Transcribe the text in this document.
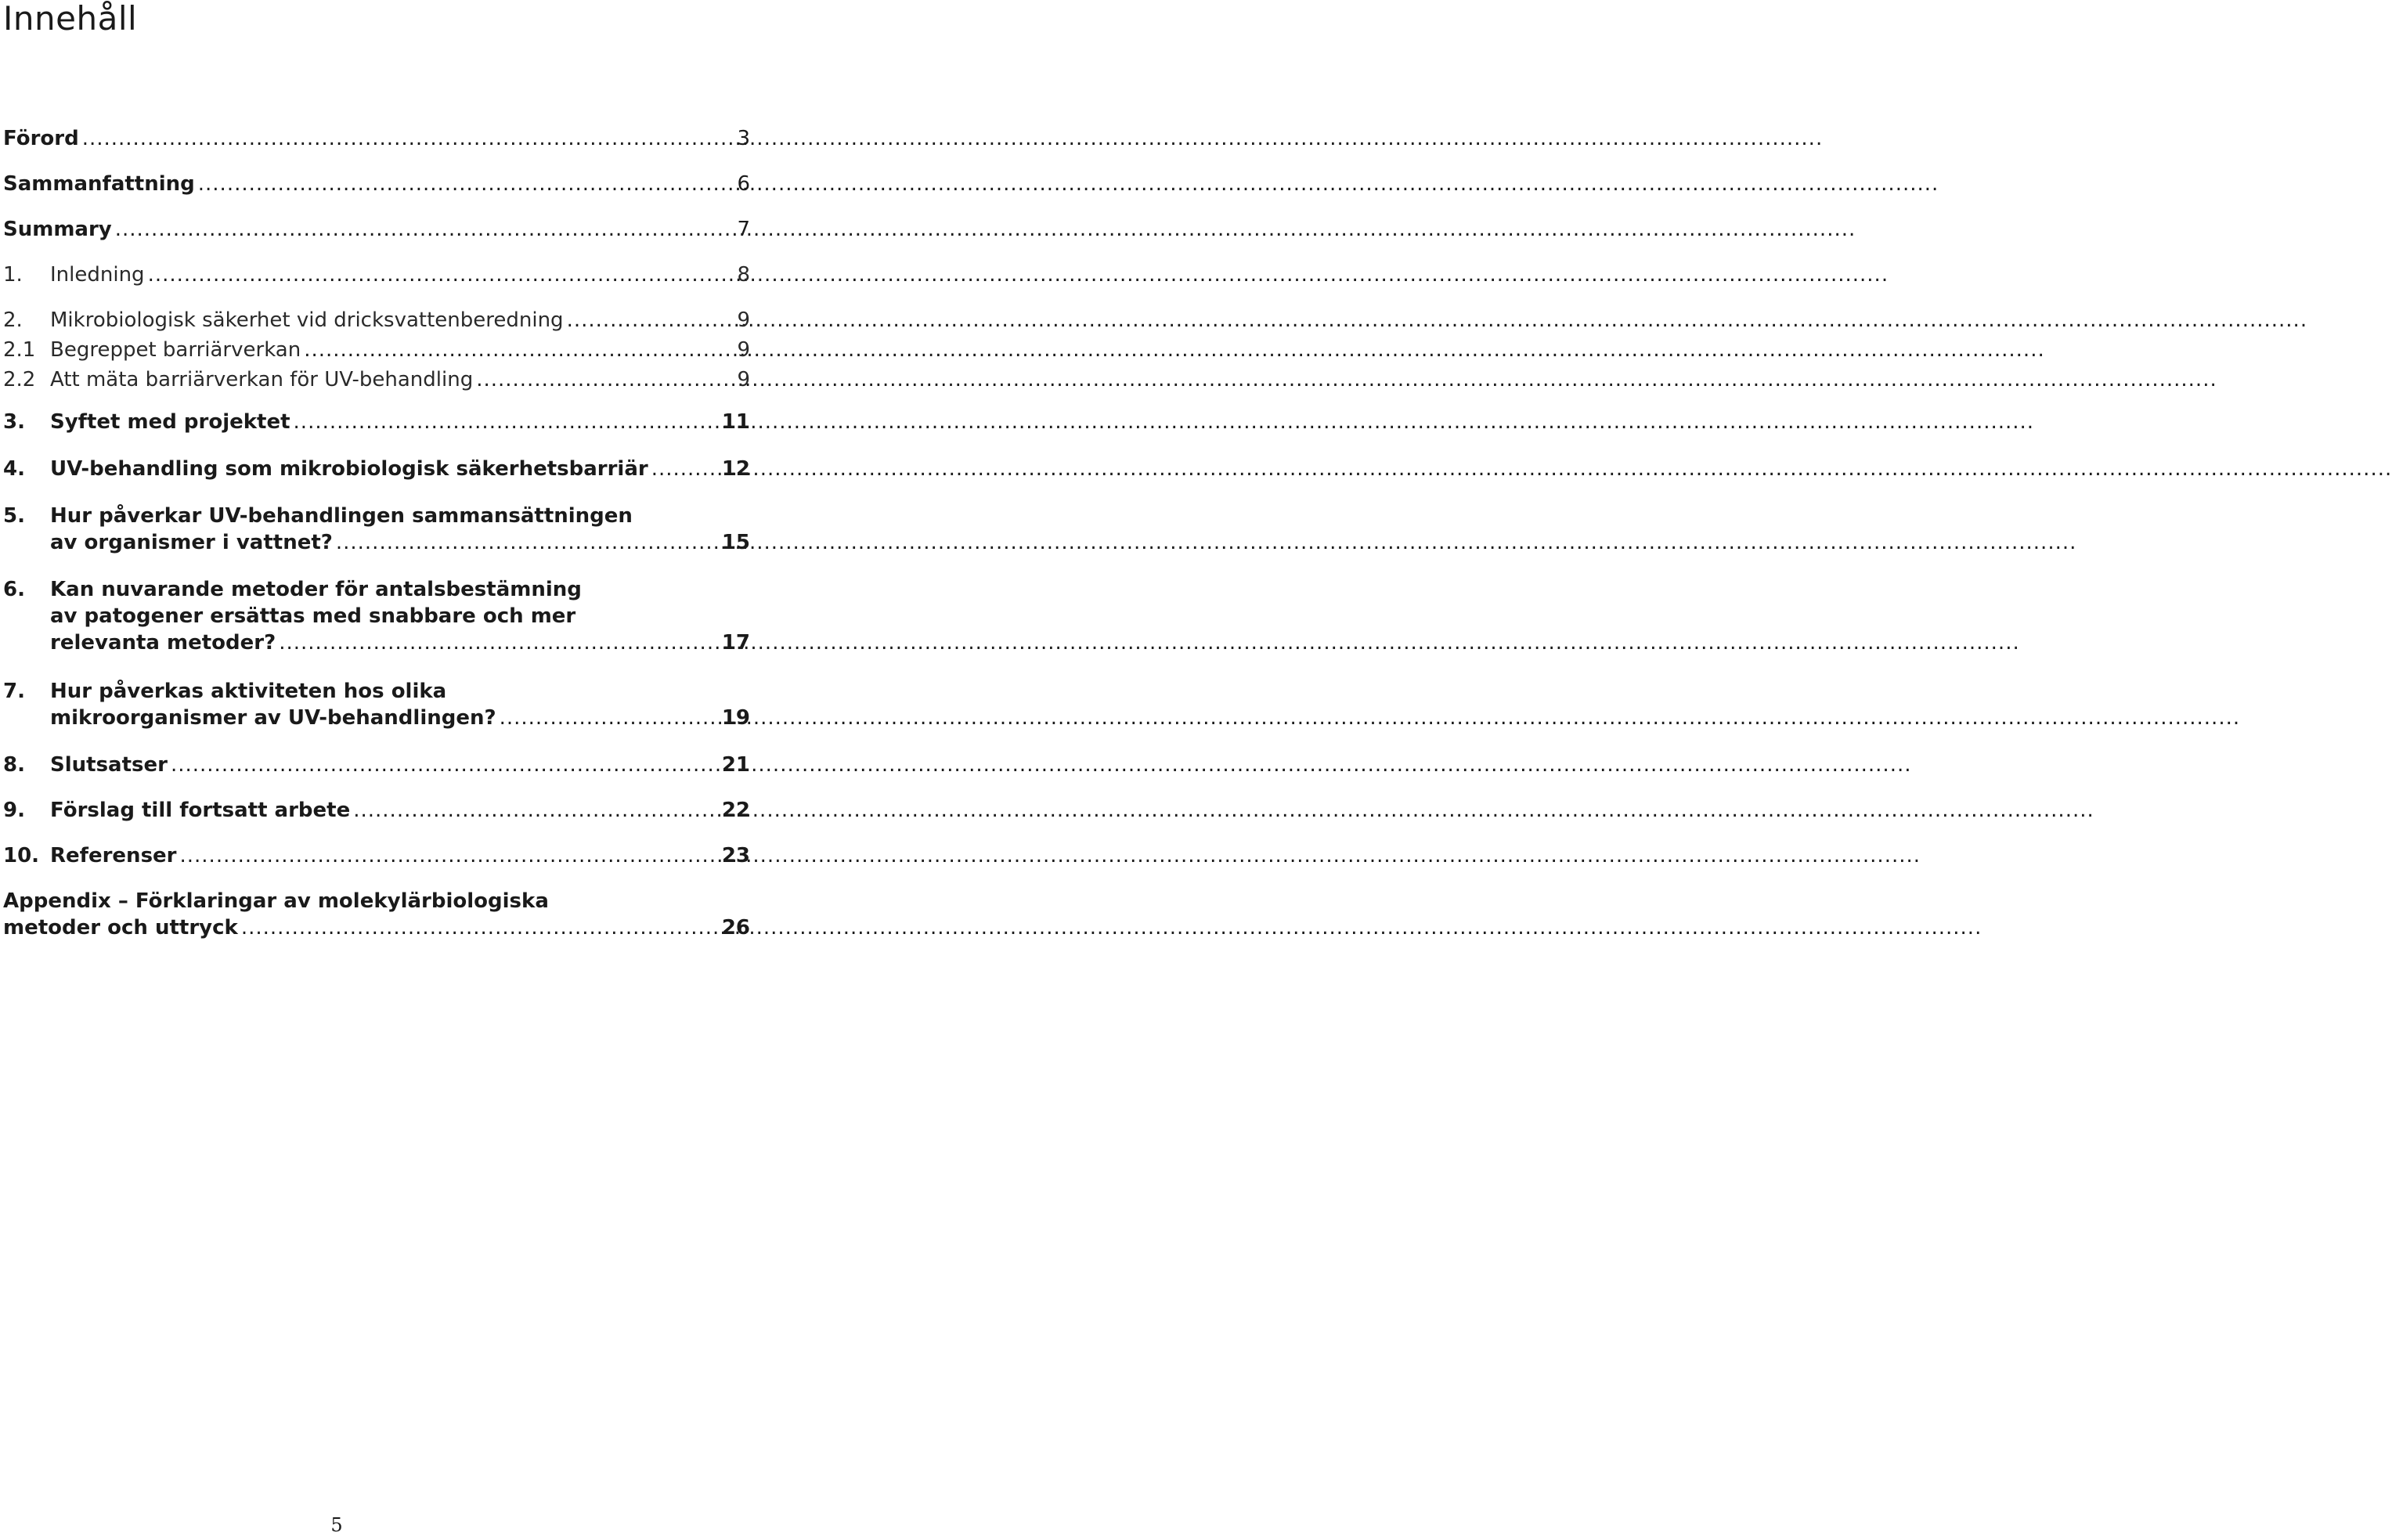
Innehåll
Förord .....	3
Sammanfattning .....	6
Summary .....	7
1.	Inledning .....	8
2.	Mikrobiologisk säkerhet vid dricksvattenberedning .....	9
2.1 Begreppet barriärverkan .....	9
2.2 Att mäta barriärverkan för UV-behandling .....	9
3.	Syftet med projektet .....	11
4.	UV-behandling som mikrobiologisk säkerhetsbarriär .....	12
5.	Hur påverkar UV-behandlingen sammansättningen
av organismer i vattnet? .....	15
6.	Kan nuvarande metoder för antalsbestämning
av patogener ersättas med snabbare och mer
relevanta metoder? .....	17
7.	Hur påverkas aktiviteten hos olika
mikroorganismer av UV-behandlingen? .....	19
8.	Slutsatser .....	21
9.	Förslag till fortsatt arbete .....	22
10. Referenser .....	23
Appendix – Förklaringar av molekylärbiologiska
metoder och uttryck .....	26
5
